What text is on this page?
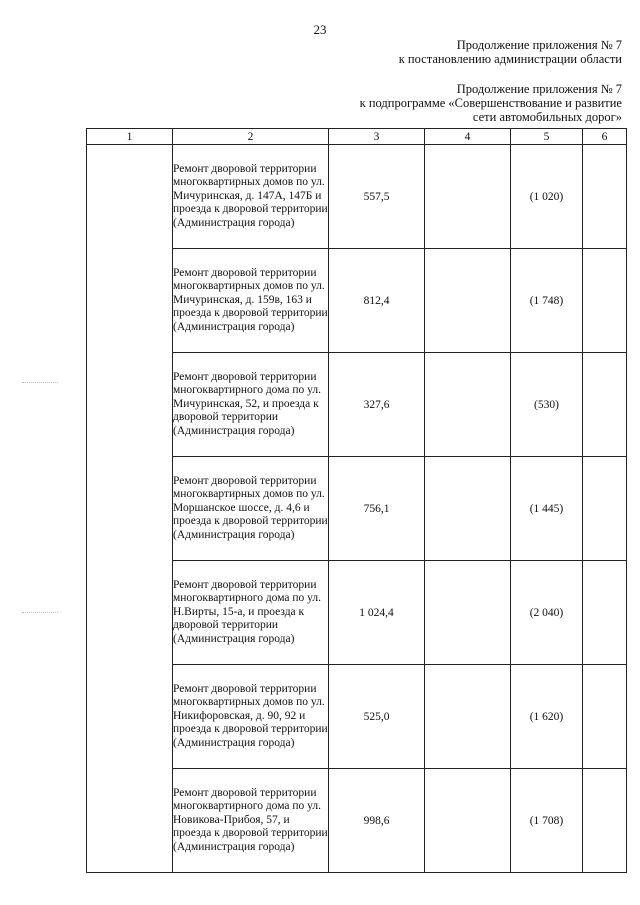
23
Продолжение приложения № 7
к постановлению администрации области
Продолжение приложения № 7
к подпрограмме «Совершенствование и развитие
сети автомобильных дорог»
1	2	3	4	5	6
	Ремонт дворовой территории многоквартирных домов по ул. Мичуринская, д. 147А, 147Б и проезда к дворовой территории (Администрация города)	557,5		(1 020)	
	Ремонт дворовой территории многоквартирных домов по ул. Мичуринская, д. 159в, 163 и проезда к дворовой территории (Администрация города)	812,4		(1 748)	
	Ремонт дворовой территории многоквартирного дома по ул. Мичуринская, 52, и проезда к дворовой территории (Администрация города)	327,6		(530)	
	Ремонт дворовой территории многоквартирных домов по ул. Моршанское шоссе, д. 4,6 и проезда к дворовой территории (Администрация города)	756,1		(1 445)	
	Ремонт дворовой территории многоквартирного дома по ул. Н.Вирты, 15-а, и проезда к дворовой территории (Администрация города)	1 024,4		(2 040)	
	Ремонт дворовой территории многоквартирных домов по ул. Никифоровская, д. 90, 92 и проезда к дворовой территории (Администрация города)	525,0		(1 620)	
	Ремонт дворовой территории многоквартирного дома по ул. Новикова-Прибоя, 57, и проезда к дворовой территории (Администрация города)	998,6		(1 708)	
